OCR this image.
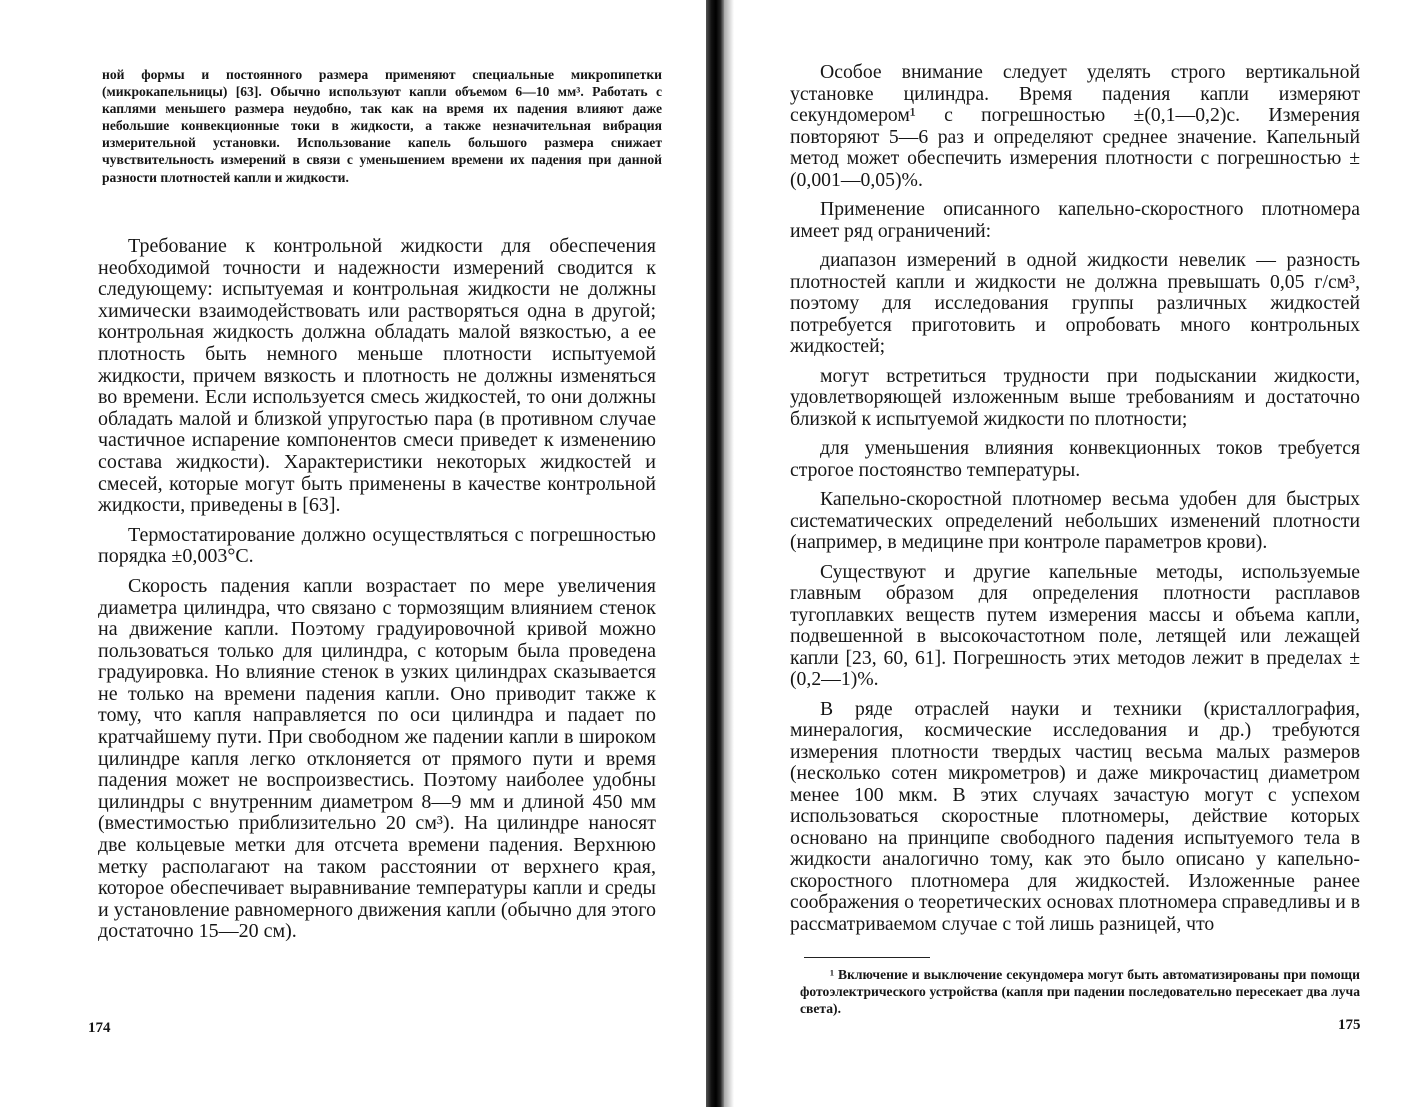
ной формы и постоянного размера применяют специальные микропипетки (микрокапельницы) [63]. Обычно используют капли объемом 6—10 мм³. Работать с каплями меньшего размера неудобно, так как на время их падения влияют даже небольшие конвекционные токи в жидкости, а также незначительная вибрация измерительной установки. Использование капель большого размера снижает чувствительность измерений в связи с уменьшением времени их падения при данной разности плотностей капли и жидкости.

Требование к контрольной жидкости для обеспечения необходимой точности и надежности измерений сводится к следующему: испытуемая и контрольная жидкости не должны химически взаимодействовать или растворяться одна в другой; контрольная жидкость должна обладать малой вязкостью, а ее плотность быть немного меньше плотности испытуемой жидкости, причем вязкость и плотность не должны изменяться во времени. Если используется смесь жидкостей, то они должны обладать малой и близкой упругостью пара (в противном случае частичное испарение компонентов смеси приведет к изменению состава жидкости). Характеристики некоторых жидкостей и смесей, которые могут быть применены в качестве контрольной жидкости, приведены в [63].

Термостатирование должно осуществляться с погрешностью порядка ±0,003°С.

Скорость падения капли возрастает по мере увеличения диаметра цилиндра, что связано с тормозящим влиянием стенок на движение капли. Поэтому градуировочной кривой можно пользоваться только для цилиндра, с которым была проведена градуировка. Но влияние стенок в узких цилиндрах сказывается не только на времени падения капли. Оно приводит также к тому, что капля направляется по оси цилиндра и падает по кратчайшему пути. При свободном же падении капли в широком цилиндре капля легко отклоняется от прямого пути и время падения может не воспроизвестись. Поэтому наиболее удобны цилиндры с внутренним диаметром 8—9 мм и длиной 450 мм (вместимостью приблизительно 20 см³). На цилиндре наносят две кольцевые метки для отсчета времени падения. Верхнюю метку располагают на таком расстоянии от верхнего края, которое обеспечивает выравнивание температуры капли и среды и установление равномерного движения капли (обычно для этого достаточно 15—20 см).

174

Особое внимание следует уделять строго вертикальной установке цилиндра. Время падения капли измеряют секундомером¹ с погрешностью ±(0,1—0,2)с. Измерения повторяют 5—6 раз и определяют среднее значение. Капельный метод может обеспечить измерения плотности с погрешностью ±(0,001—0,05)%.

Применение описанного капельно-скоростного плотномера имеет ряд ограничений:

диапазон измерений в одной жидкости невелик — разность плотностей капли и жидкости не должна превышать 0,05 г/см³, поэтому для исследования группы различных жидкостей потребуется приготовить и опробовать много контрольных жидкостей;

могут встретиться трудности при подыскании жидкости, удовлетворяющей изложенным выше требованиям и достаточно близкой к испытуемой жидкости по плотности;

для уменьшения влияния конвекционных токов требуется строгое постоянство температуры.

Капельно-скоростной плотномер весьма удобен для быстрых систематических определений небольших изменений плотности (например, в медицине при контроле параметров крови).

Существуют и другие капельные методы, используемые главным образом для определения плотности расплавов тугоплавких веществ путем измерения массы и объема капли, подвешенной в высокочастотном поле, летящей или лежащей капли [23, 60, 61]. Погрешность этих методов лежит в пределах ±(0,2—1)%.

В ряде отраслей науки и техники (кристаллография, минералогия, космические исследования и др.) требуются измерения плотности твердых частиц весьма малых размеров (несколько сотен микрометров) и даже микрочастиц диаметром менее 100 мкм. В этих случаях зачастую могут с успехом использоваться скоростные плотномеры, действие которых основано на принципе свободного падения испытуемого тела в жидкости аналогично тому, как это было описано у капельно-скоростного плотномера для жидкостей. Изложенные ранее соображения о теоретических основах плотномера справедливы и в рассматриваемом случае с той лишь разницей, что

¹ Включение и выключение секундомера могут быть автоматизированы при помощи фотоэлектрического устройства (капля при падении последовательно пересекает два луча света).

175
